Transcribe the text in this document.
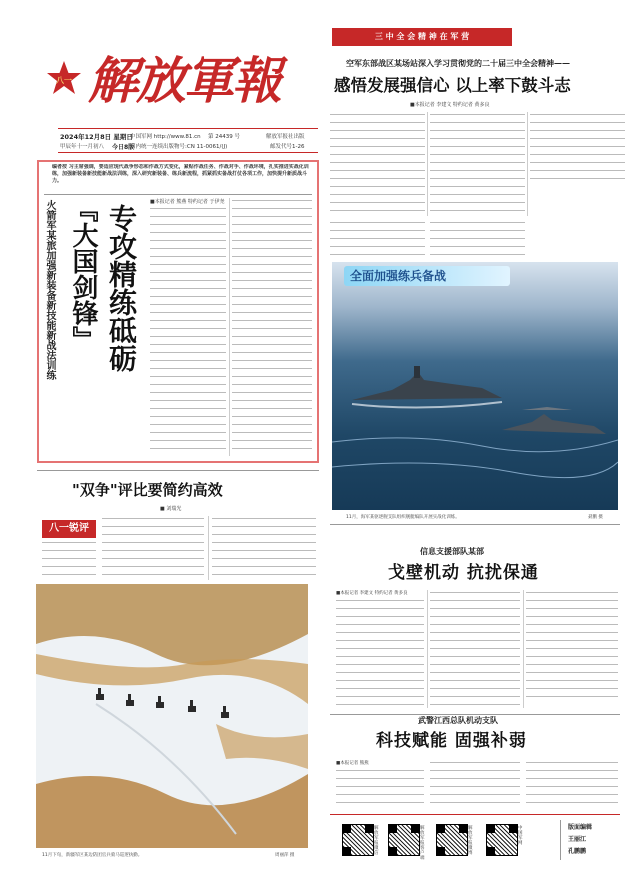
八一 解放軍報
2024年12月8日 星期日
甲辰年十一月初八 今日8版
中国军网 http://www.81.cn 第 24439 号	解放军报社出版
国内统一连续出版物号:CN 11-0061/(J)	邮发代号1-26
三 中 全 会 精 神 在 军 营
空军东部战区某场站深入学习贯彻党的二十届三中全会精神——
感悟发展强信心 以上率下鼓斗志
■本报记者 李建文 特约记者 黄多良
编者按 习主席强调，要适应现代战争形态和作战方式变化，紧贴作战任务、作战对手、作战环境，扎实推进实战化训练，加强新装备新技能新战法训练，深入研究新装备、练兵新流程，抓紧抓实备战打仗各项工作，加快提升新质战斗力。
火箭军某旅加强新装备新技能新战法训练 专攻精练砥砺
『大国剑锋』	■本报记者 熊燕 特约记者 于伊尧
全面加强练兵备战
11月，海军某驱逐舰支队组织舰艇编队开展实战化训练。	聂鹏 摄
"双争"评比要简约高效
■ 刘瑞光
八一锐评
11月下旬，新疆军区某边防团官兵骑马巡逻执勤。	周丽萍 摄
信息支援部队某部
戈壁机动 抗扰保通
■本报记者 李建文 特约记者 黄多良
武警江西总队机动支队
科技赋能 固强补弱
■本报记者 熊燕
解放军报微信
解放军报客户端
解放军报微博
中国军网
版面编辑
王丽江
孔鹏鹏
